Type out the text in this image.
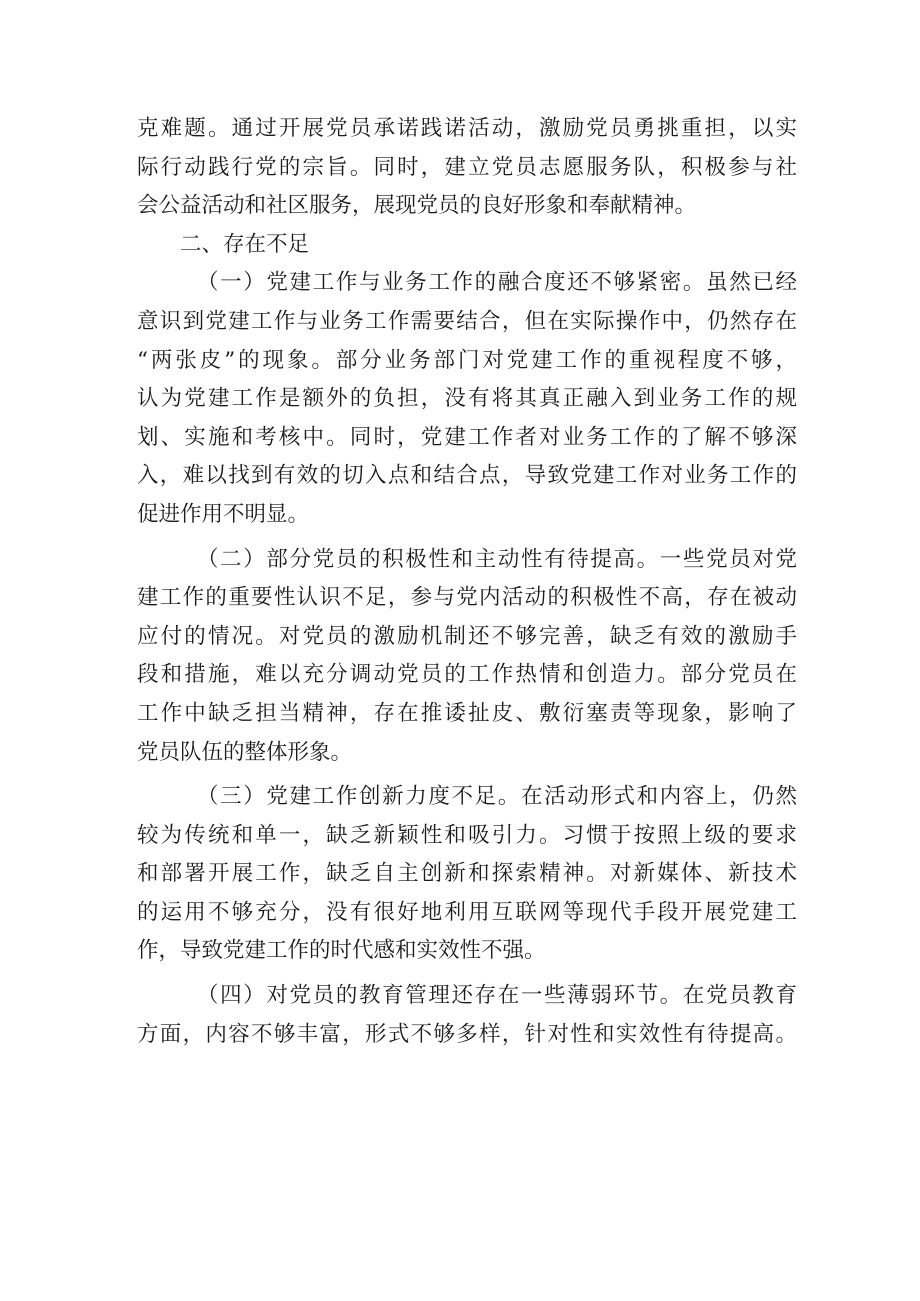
克难题。通过开展党员承诺践诺活动，激励党员勇挑重担，以实
际行动践行党的宗旨。同时，建立党员志愿服务队，积极参与社
会公益活动和社区服务，展现党员的良好形象和奉献精神。
二、存在不足
（一）党建工作与业务工作的融合度还不够紧密。虽然已经
意识到党建工作与业务工作需要结合，但在实际操作中，仍然存在
“两张皮”的现象。部分业务部门对党建工作的重视程度不够，
认为党建工作是额外的负担，没有将其真正融入到业务工作的规
划、实施和考核中。同时，党建工作者对业务工作的了解不够深
入，难以找到有效的切入点和结合点，导致党建工作对业务工作的
促进作用不明显。
（二）部分党员的积极性和主动性有待提高。一些党员对党
建工作的重要性认识不足，参与党内活动的积极性不高，存在被动
应付的情况。对党员的激励机制还不够完善，缺乏有效的激励手
段和措施，难以充分调动党员的工作热情和创造力。部分党员在
工作中缺乏担当精神，存在推诿扯皮、敷衍塞责等现象，影响了
党员队伍的整体形象。
（三）党建工作创新力度不足。在活动形式和内容上，仍然
较为传统和单一，缺乏新颖性和吸引力。习惯于按照上级的要求
和部署开展工作，缺乏自主创新和探索精神。对新媒体、新技术
的运用不够充分，没有很好地利用互联网等现代手段开展党建工
作，导致党建工作的时代感和实效性不强。
（四）对党员的教育管理还存在一些薄弱环节。在党员教育
方面，内容不够丰富，形式不够多样，针对性和实效性有待提高。
